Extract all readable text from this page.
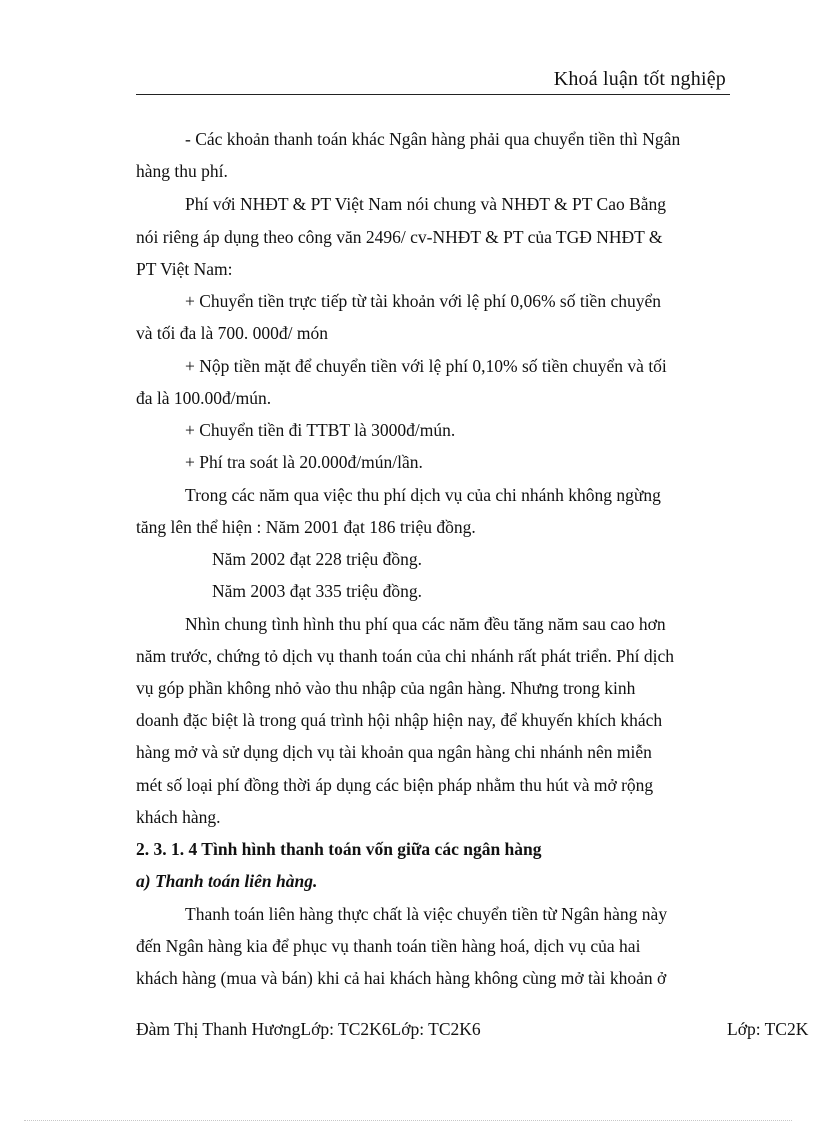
Khoá luận tốt nghiệp
- Các khoản thanh toán khác Ngân hàng phải qua chuyển tiền thì Ngân
hàng thu phí.
Phí với NHĐT & PT Việt Nam nói chung và NHĐT & PT Cao Bằng
nói riêng áp dụng theo công văn 2496/ cv-NHĐT & PT của TGĐ NHĐT &
PT Việt Nam:
+ Chuyển tiền trực tiếp từ tài khoản với lệ phí 0,06% số tiền chuyển
và tối đa là 700. 000đ/ món
+ Nộp tiền mặt để chuyển tiền với lệ phí 0,10% số tiền chuyển và tối
đa là 100.00đ/mún.
+ Chuyển tiền đi TTBT là 3000đ/mún.
+ Phí tra soát là 20.000đ/mún/lần.
Trong các năm qua việc thu phí dịch vụ của chi nhánh không ngừng
tăng lên thể hiện : Năm 2001 đạt 186 triệu đồng.
Năm 2002 đạt 228 triệu đồng.
Năm 2003 đạt 335 triệu đồng.
Nhìn chung tình hình thu phí qua các năm đều tăng năm sau cao hơn
năm trước, chứng tỏ dịch vụ thanh toán của chi nhánh rất phát triển. Phí dịch
vụ góp phần không nhỏ vào thu nhập của ngân hàng. Nhưng trong kinh
doanh đặc biệt là trong quá trình hội nhập hiện nay, để khuyến khích khách
hàng mở và sử dụng dịch vụ tài khoản qua ngân hàng chi nhánh nên miễn
mét số loại phí đồng thời áp dụng các biện pháp nhằm thu hút và mở rộng
khách hàng.
2. 3. 1. 4 Tình hình thanh toán vốn giữa các ngân hàng
a) Thanh toán liên hàng.
Thanh toán liên hàng thực chất là việc chuyển tiền từ Ngân hàng này
đến Ngân hàng kia để phục vụ thanh toán tiền hàng hoá, dịch vụ của hai
khách hàng (mua và bán) khi cả hai khách hàng không cùng mở tài khoản ở
Đàm Thị Thanh HươngLớp: TC2K6Lớp: TC2K6	Lớp: TC2K
